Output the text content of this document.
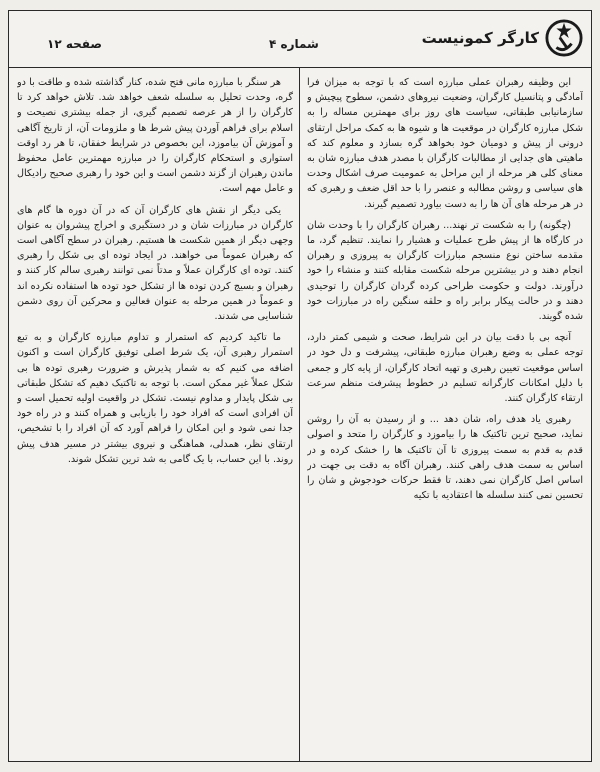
کارگر کمونیست
شماره ۴
صفحه ۱۲

این وظیفه رهبران عملی مبارزه است که با توجه به میزان فرا آمادگی و پتانسیل کارگران، وضعیت نیروهای دشمن، سطوح پیچیش و سازمانیابی طبقاتی، سیاست های روز برای مهمترین مساله را به شکل مبارزه کارگران در موقعیت ها و شیوه ها به کمک مراحل ارتقای درونی از پیش و دومیان خود بخواهد گره بسازد و معلوم کند که ماهیتی های جدایی از مطالبات کارگران با مصدر هدف مبارزه شان به معنای کلی هر مرحله از این مراحل به عمومیت صرف اشکال وحدت های سیاسی و روشن مطالبه و عنصر را با حد اقل ضعف و رهبری که در هر مرحله های آن ها را به دست بیاورد تصمیم گیرند.

(چگونه) را به شکست تر نهند... رهبران کارگران را با وحدت شان در کارگاه ها از پیش طرح عملیات و هشیار را نمایند. تنظیم گرد، ما مقدمه ساختن نوع منسجم مبارزات کارگران به پیروزی و رهبران انجام دهند و در بیشترین مرحله شکست مقابله کنند و منشاء را خود درآورند. دولت و حکومت طراحی کرده گردان کارگران را توحیدی دهند و در حالت پیکار برابر راه و حلقه سنگین راه در مبارزات خود شده گویند.

آنچه بی با دقت بیان در این شرایط، صحت و شیمی کمتر دارد، توجه عملی به وضع رهبران مبارزه طبقاتی، پیشرفت و دل خود در اساس موقعیت تعیین رهبری و تهیه اتحاد کارگران، از پایه کار و جمعی با دلیل امکانات کارگرانه تسلیم در خطوط پیشرفت منظم سرعت ارتقاء کارگران کنند.

رهبری یاد هدف راه، شان دهد ... و از رسیدن به آن را روشن نماید، صحیح ترین تاکتیک ها را بیاموزد و کارگران را متحد و اصولی قدم به قدم به سمت پیروزی تا آن تاکتیک ها را خشک کرده و در اساس به سمت هدف راهی کنند. رهبران آگاه به دقت بی جهت در اساس اصل کارگران نمی دهند، تا فقط حرکات خودجوش و شان را تحسین نمی کنند سلسله ها اعتقادیه با تکیه

هر سنگر با مبارزه مانی فتح شده، کنار گذاشته شده و طاقت با دو گره، وحدت تحلیل به سلسله شعف خواهد شد. تلاش خواهد کرد تا کارگران را از هر عرصه تصمیم گیری، از جمله بیشتری نصیحت و اسلام برای فراهم آوردن پیش شرط ها و ملزومات آن، از تاریخ آگاهی و آموزش آن بیاموزد، این بخصوص در شرایط خفقان، تا هر رد اوقت استواری و استحکام کارگران را در مبارزه مهمترین عامل محفوظ ماندن رهبران از گزند دشمن است و این خود را رهبری صحیح رادیکال و عامل مهم است.

یکی دیگر از نقش های کارگران آن که در آن دوره ها گام های کارگران در مبارزات شان و در دستگیری و اخراج پیشروان به عنوان وجهی دیگر از همین شکست ها هستیم. رهبران در سطح آگاهی است که رهبران عموماً می خواهند. در ایجاد توده ای بی شکل را رهبری کنند. توده ای کارگران عملاً و مدتاً نمی توانند رهبری سالم کار کنند و رهبران و بسیج کردن توده ها از تشکل خود توده ها استفاده نکرده اند و عموماً در همین مرحله به عنوان فعالین و محرکین آن روی دشمن شناسایی می شدند.

ما تاکید کردیم که استمرار و تداوم مبارزه کارگران و به تبع استمرار رهبری آن، یک شرط اصلی توفیق کارگران است و اکنون اضافه می کنیم که به شمار پذیرش و ضرورت رهبری توده ها بی شکل عملاً غیر ممکن است. با توجه به تاکتیک دهیم که تشکل طبقاتی بی شکل پایدار و مداوم نیست. تشکل در واقعیت اولیه تحمیل است و آن افرادی است که افراد خود را بازیابی و همراه کنند و در راه خود جدا نمی شود و این امکان را فراهم آورد که آن افراد را با تشخیص، ارتقای نظر، همدلی، هماهنگی و نیروی بیشتر در مسیر هدف پیش روند. با این حساب، با یک گامی به شد ترین تشکل شوند.
